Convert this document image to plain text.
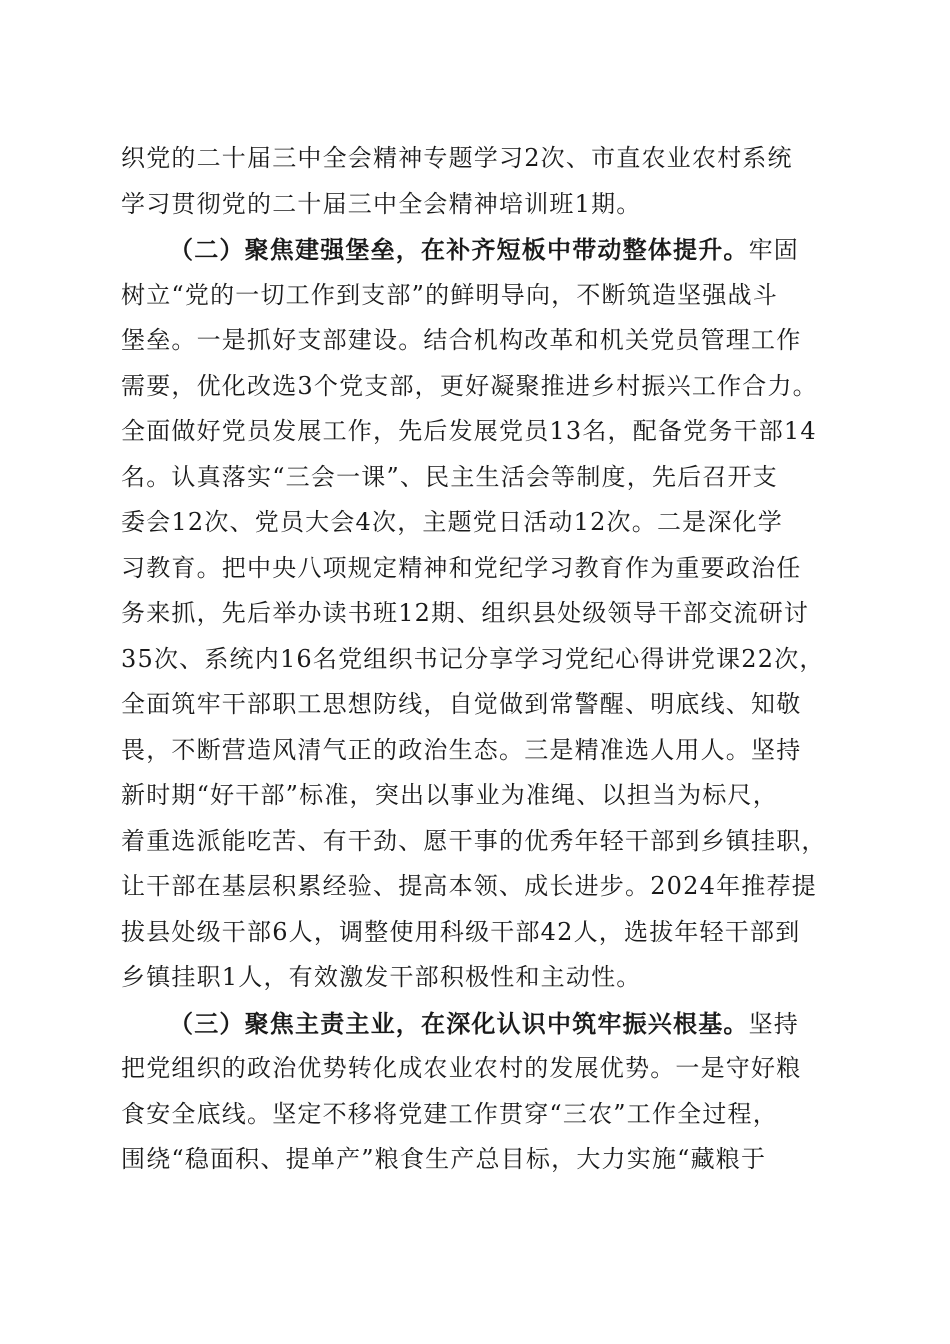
织党的二十届三中全会精神专题学习2次、市直农业农村系统
学习贯彻党的二十届三中全会精神培训班1期。
（二）聚焦建强堡垒，在补齐短板中带动整体提升。牢固
树立“党的一切工作到支部”的鲜明导向，不断筑造坚强战斗
堡垒。一是抓好支部建设。结合机构改革和机关党员管理工作
需要，优化改选3个党支部，更好凝聚推进乡村振兴工作合力。
全面做好党员发展工作，先后发展党员13名，配备党务干部14
名。认真落实“三会一课”、民主生活会等制度，先后召开支
委会12次、党员大会4次，主题党日活动12次。二是深化学
习教育。把中央八项规定精神和党纪学习教育作为重要政治任
务来抓，先后举办读书班12期、组织县处级领导干部交流研讨
35次、系统内16名党组织书记分享学习党纪心得讲党课22次，
全面筑牢干部职工思想防线，自觉做到常警醒、明底线、知敬
畏，不断营造风清气正的政治生态。三是精准选人用人。坚持
新时期“好干部”标准，突出以事业为准绳、以担当为标尺，
着重选派能吃苦、有干劲、愿干事的优秀年轻干部到乡镇挂职，
让干部在基层积累经验、提高本领、成长进步。2024年推荐提
拔县处级干部6人，调整使用科级干部42人，选拔年轻干部到
乡镇挂职1人，有效激发干部积极性和主动性。
（三）聚焦主责主业，在深化认识中筑牢振兴根基。坚持
把党组织的政治优势转化成农业农村的发展优势。一是守好粮
食安全底线。坚定不移将党建工作贯穿“三农”工作全过程，
围绕“稳面积、提单产”粮食生产总目标，大力实施“藏粮于
